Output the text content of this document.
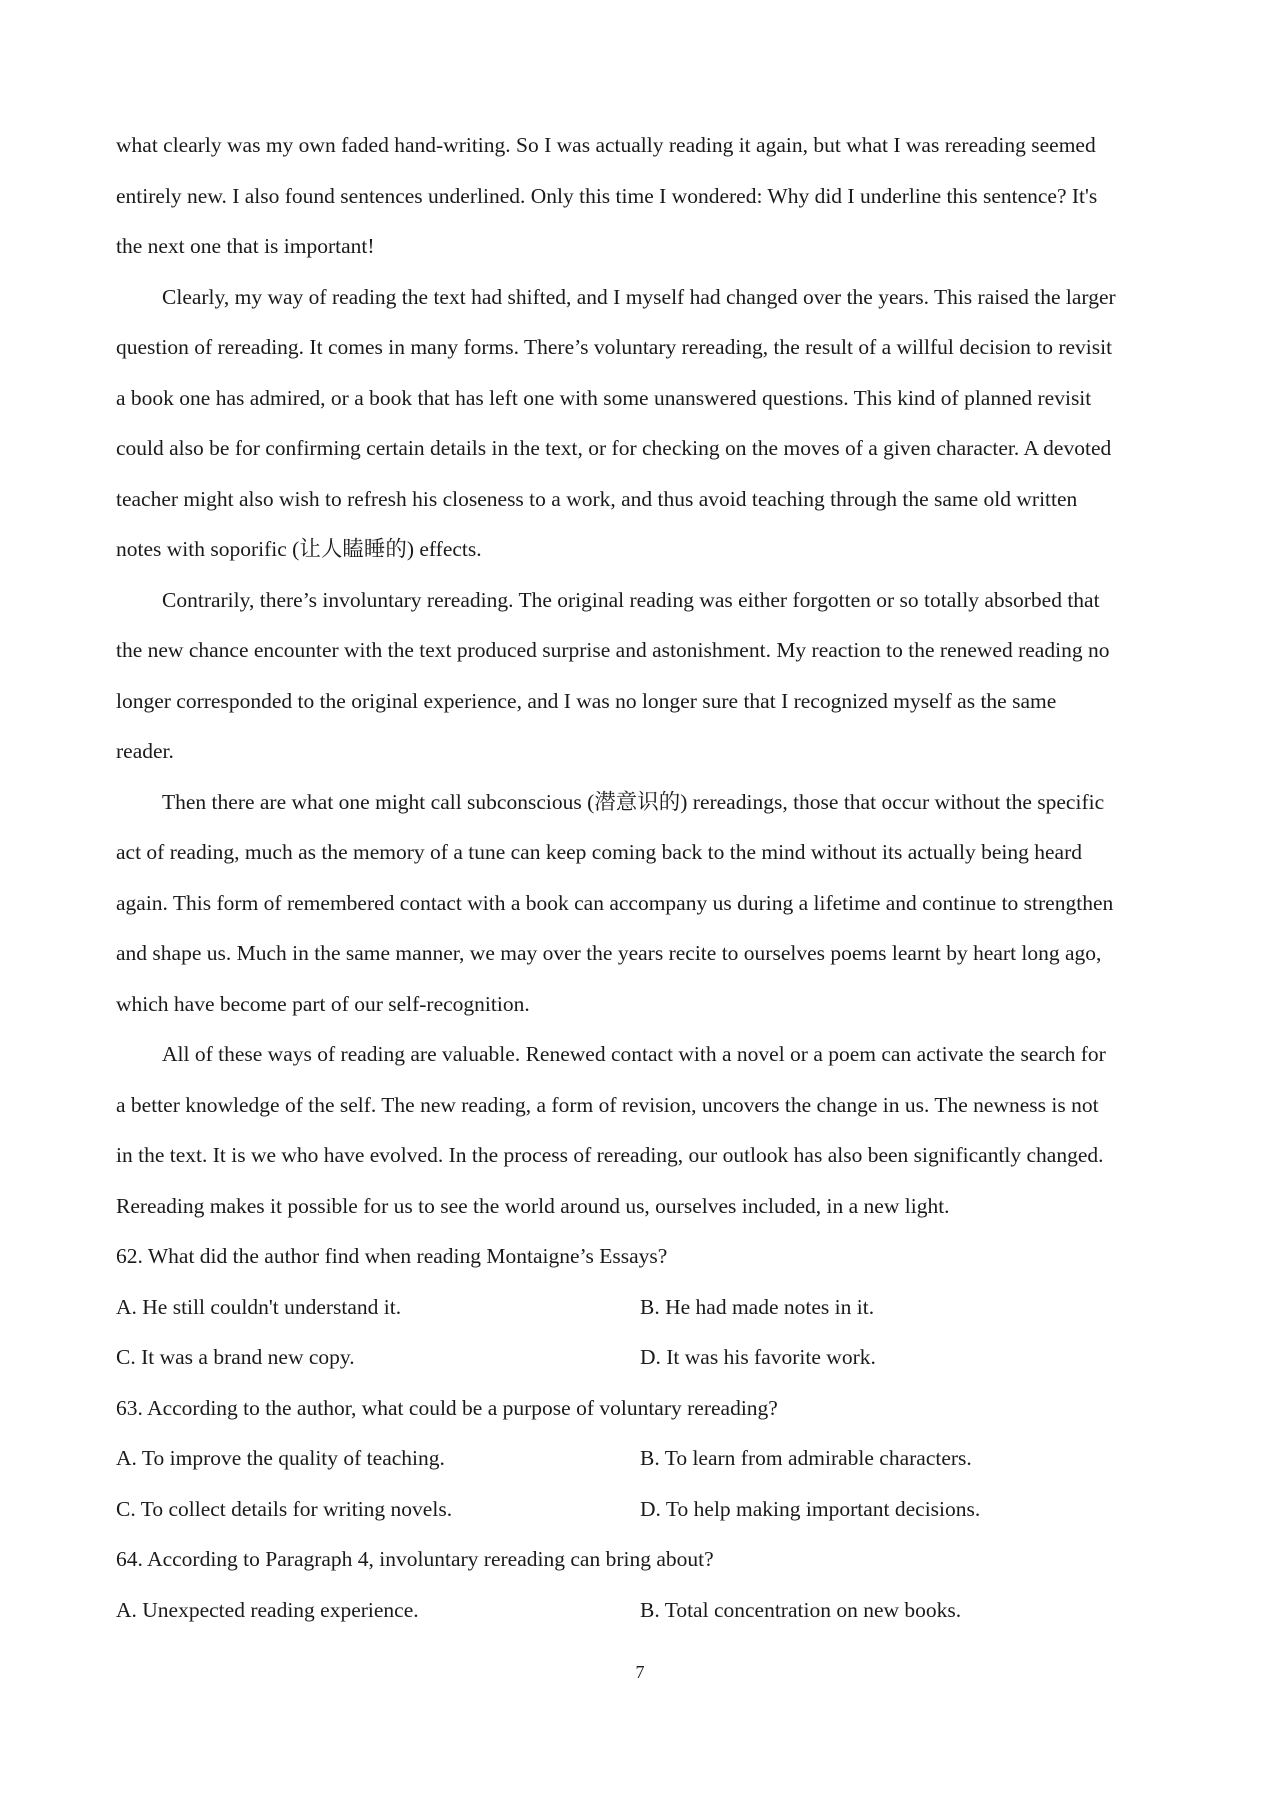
what clearly was my own faded hand-writing. So I was actually reading it again, but what I was rereading seemed
entirely new. I also found sentences underlined. Only this time I wondered: Why did I underline this sentence? It's
the next one that is important!
Clearly, my way of reading the text had shifted, and I myself had changed over the years. This raised the larger
question of rereading. It comes in many forms. There’s voluntary rereading, the result of a willful decision to revisit
a book one has admired, or a book that has left one with some unanswered questions. This kind of planned revisit
could also be for confirming certain details in the text, or for checking on the moves of a given character. A devoted
teacher might also wish to refresh his closeness to a work, and thus avoid teaching through the same old written
notes with soporific (让人瞌睡的) effects.
Contrarily, there’s involuntary rereading. The original reading was either forgotten or so totally absorbed that
the new chance encounter with the text produced surprise and astonishment. My reaction to the renewed reading no
longer corresponded to the original experience, and I was no longer sure that I recognized myself as the same
reader.
Then there are what one might call subconscious (潜意识的) rereadings, those that occur without the specific
act of reading, much as the memory of a tune can keep coming back to the mind without its actually being heard
again. This form of remembered contact with a book can accompany us during a lifetime and continue to strengthen
and shape us. Much in the same manner, we may over the years recite to ourselves poems learnt by heart long ago,
which have become part of our self-recognition.
All of these ways of reading are valuable. Renewed contact with a novel or a poem can activate the search for
a better knowledge of the self. The new reading, a form of revision, uncovers the change in us. The newness is not
in the text. It is we who have evolved. In the process of rereading, our outlook has also been significantly changed.
Rereading makes it possible for us to see the world around us, ourselves included, in a new light.
62. What did the author find when reading Montaigne’s Essays?
A. He still couldn't understand it.	B. He had made notes in it.
C. It was a brand new copy.	D. It was his favorite work.
63. According to the author, what could be a purpose of voluntary rereading?
A. To improve the quality of teaching.	B. To learn from admirable characters.
C. To collect details for writing novels.	D. To help making important decisions.
64. According to Paragraph 4, involuntary rereading can bring about?
A. Unexpected reading experience.	B. Total concentration on new books.
7
